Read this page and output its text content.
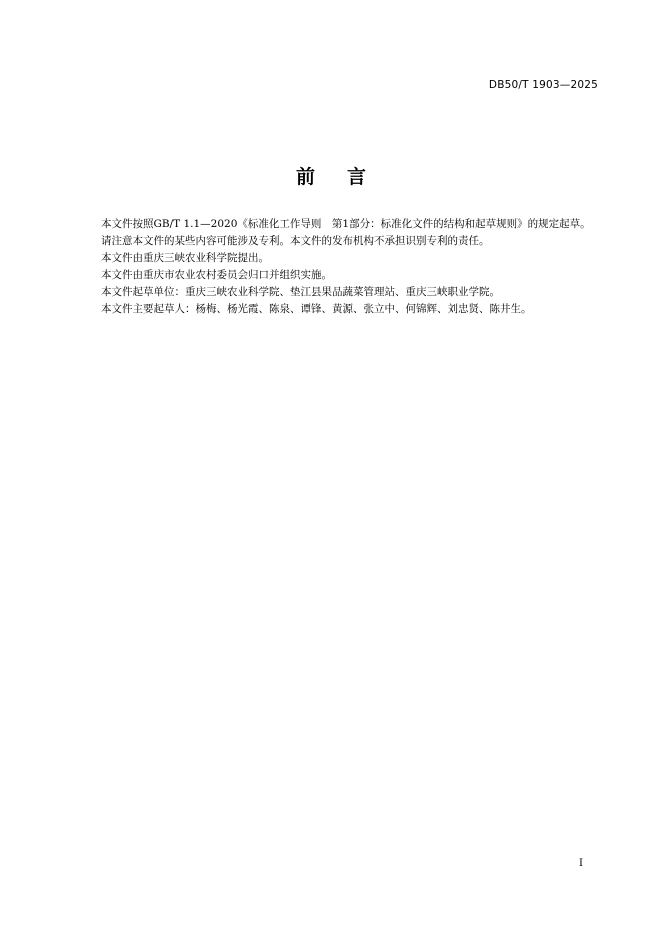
DB50/T 1903—2025
前 言

本文件按照GB/T 1.1—2020《标准化工作导则　第1部分：标准化文件的结构和起草规则》的规定起草。

请注意本文件的某些内容可能涉及专利。本文件的发布机构不承担识别专利的责任。

本文件由重庆三峡农业科学院提出。

本文件由重庆市农业农村委员会归口并组织实施。

本文件起草单位：重庆三峡农业科学院、垫江县果品蔬菜管理站、重庆三峡职业学院。

本文件主要起草人：杨梅、杨光霞、陈泉、谭锋、黄源、张立中、何锦辉、刘忠贤、陈井生。

I
